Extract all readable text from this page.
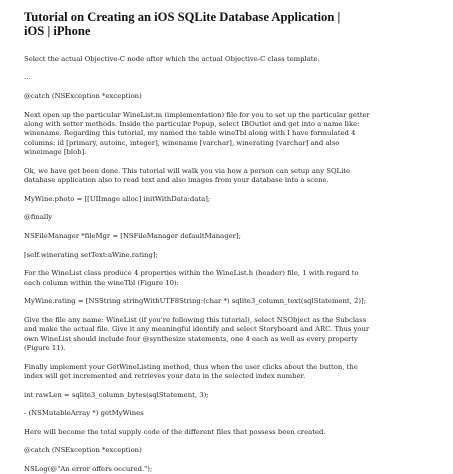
Tutorial on Creating an iOS SQLite Database Application |
iOS | iPhone

Select the actual Objective-C node after which the actual Objective-C class template.

...

@catch (NSException *exception)

Next open up the particular WineList.m (implementation) file for you to set up the particular getter
along with setter methods. Inside the particular Popup, select IBOutlet and get into a name like:
winename. Regarding this tutorial, my named the table wineTbl along with I have formulated 4
columns: id [primary, autoinc, integer], winename [varchar], winerating [varchar] and also
wineimage [blob].

Ok, we have get been done. This tutorial will walk you via how a person can setup any SQLite
database application also to read text and also images from your database into a scene.

MyWine.photo = [[UIImage alloc] initWithData:data];

@finally

NSFileManager *fileMgr = [NSFileManager defaultManager];

[self.winerating setText:aWine.rating];

For the WineList class produce 4 properties within the WineList.h (header) file, 1 with regard to
each column within the wineTbl (Figure 10):

MyWine.rating = [NSString stringWithUTF8String:(char *) sqlite3_column_text(sqlStatement, 2)];

Give the file any name: WineList (if you're following this tutorial), select NSObject as the Subclass
and make the actual file. Give it any meaningful identify and select Storyboard and ARC. Thus your
own WineList should include four @synthesize statements, one 4 each as well as every property
(Figure 11).

Finally implement your GetWineListing method, thus when the user clicks about the button, the
index will get incremented and retrieves your data in the selected index number.

int rawLen = sqlite3_column_bytes(sqlStatement, 3);

- (NSMutableArray *) getMyWines

Here will become the total supply code of the different files that possess been created.

@catch (NSException *exception)

NSLog(@"An error offers occured.");
